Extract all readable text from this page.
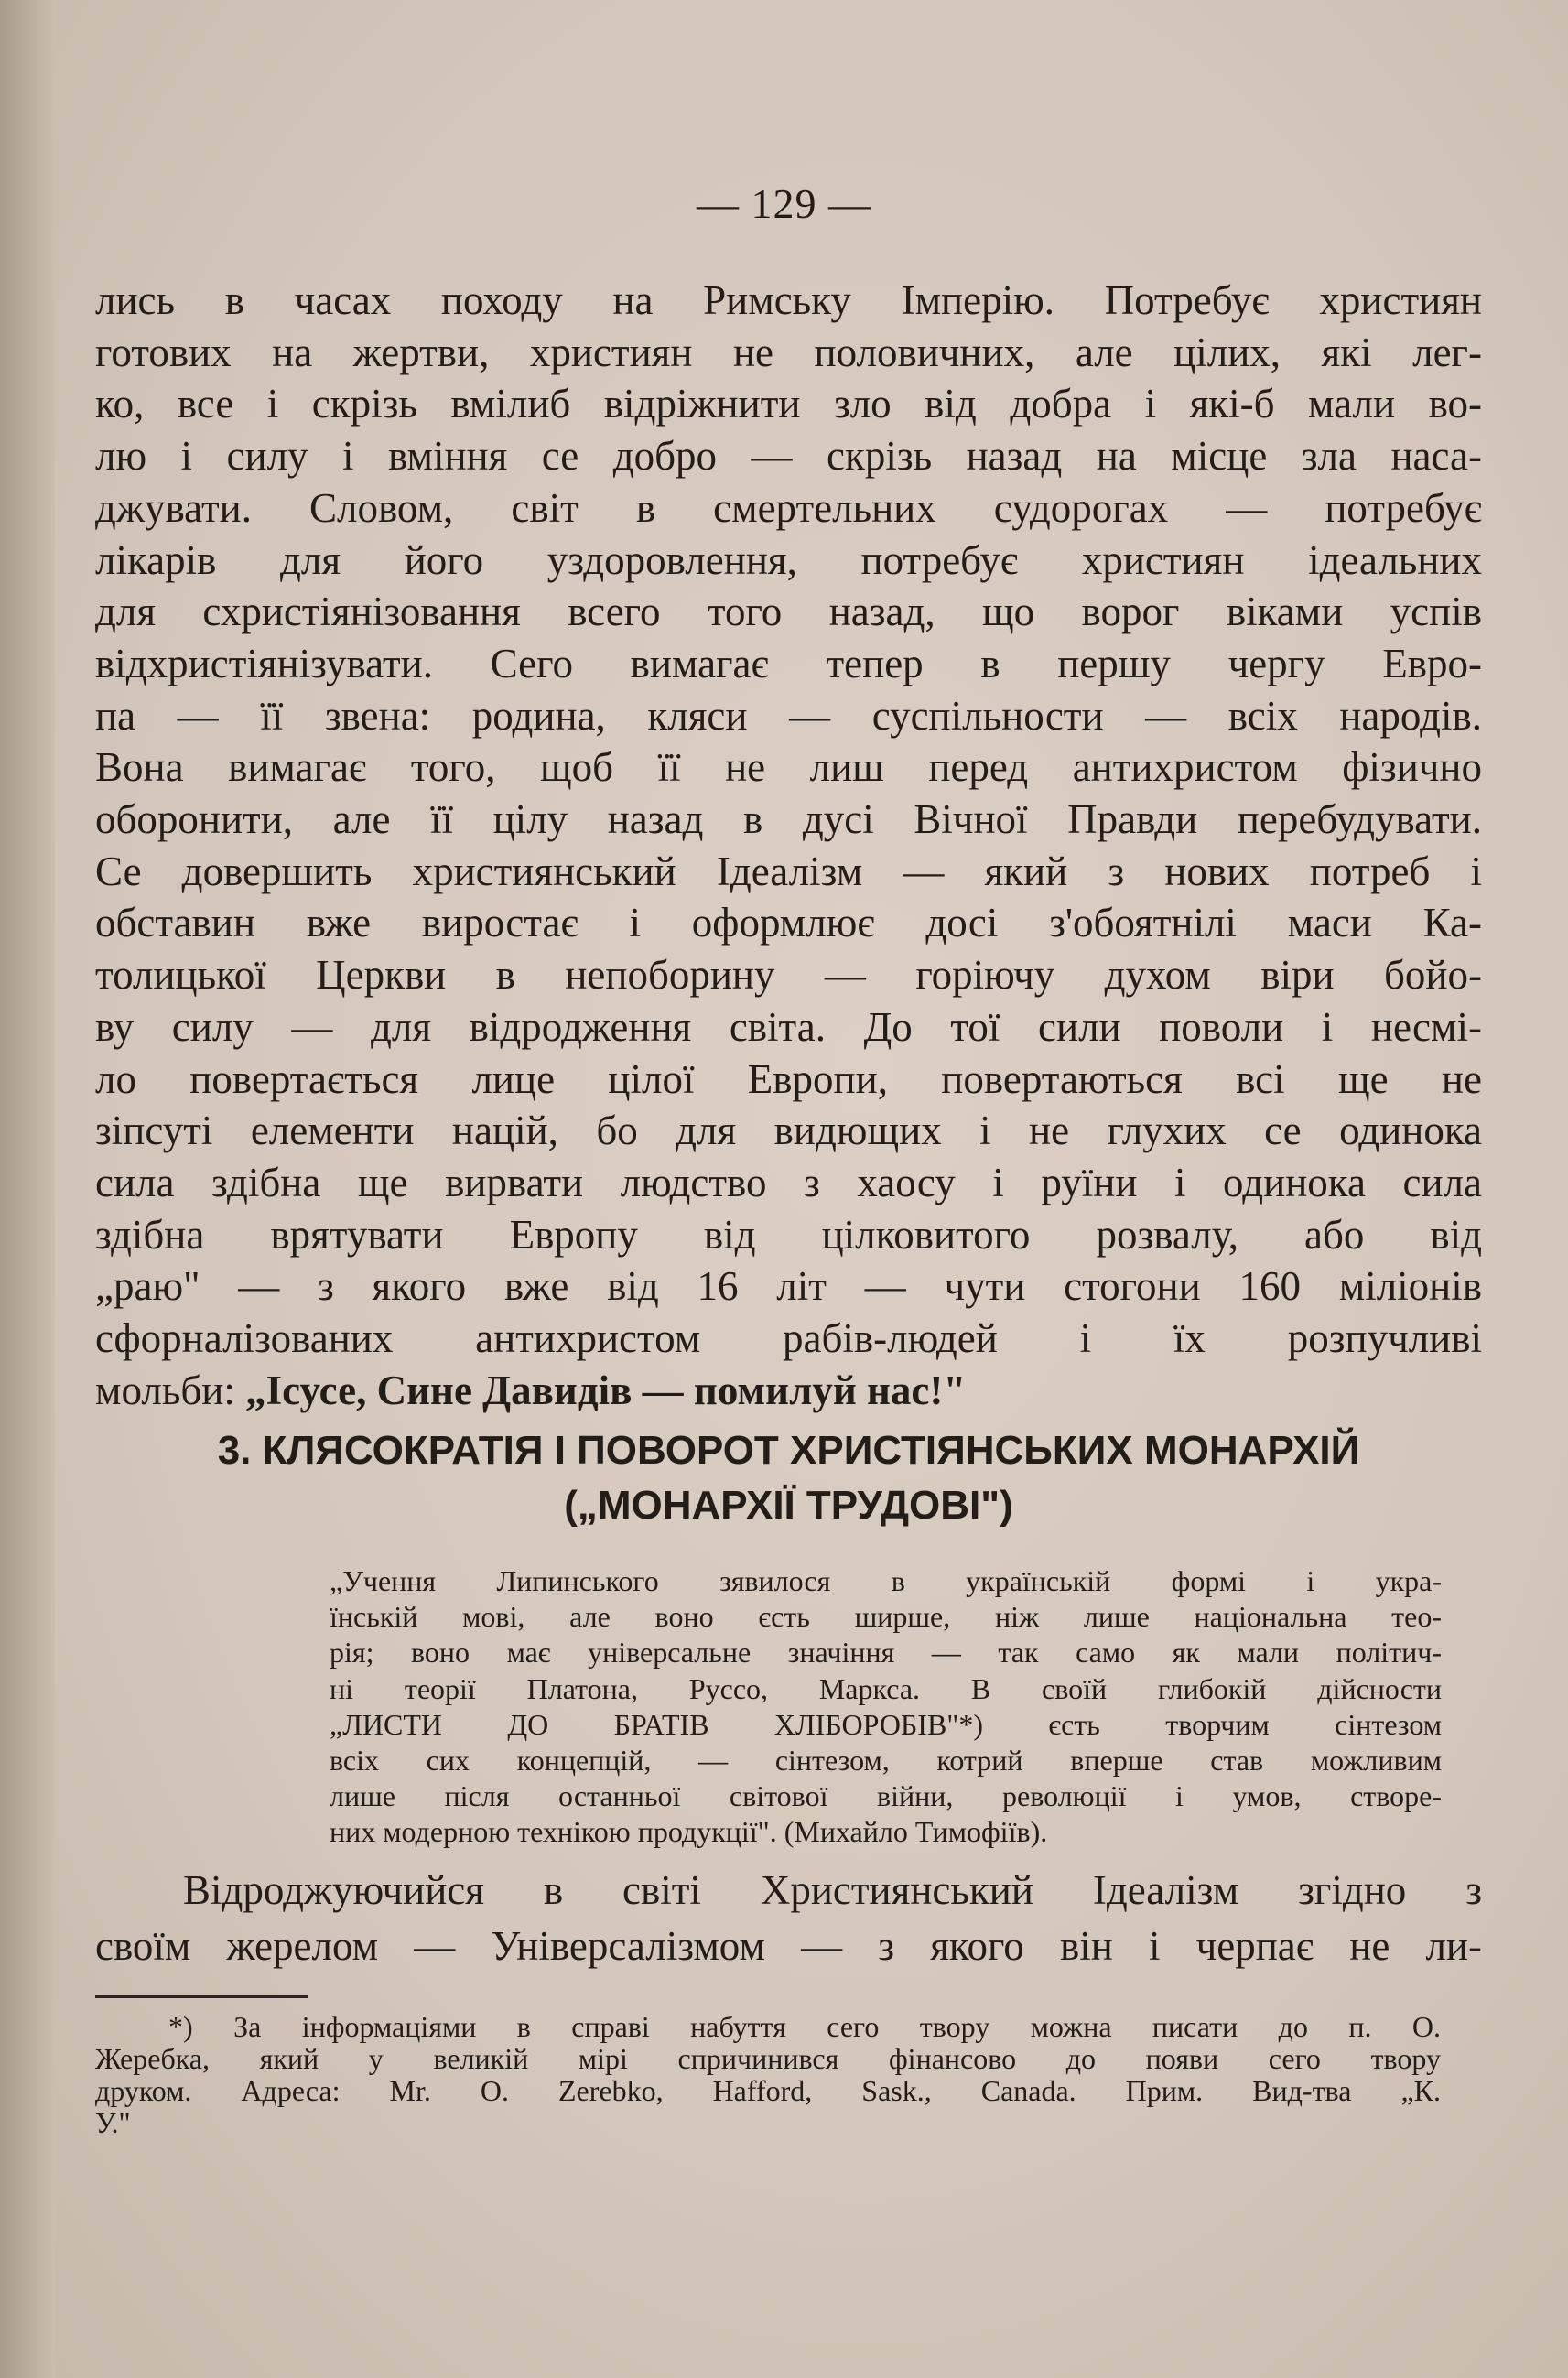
— 129 —
лись в часах походу на Римську Імперію. Потребує християн
готових на жертви, християн не половичних, але цілих, які лег-
ко, все і скрізь вмілиб відріжнити зло від добра і які-б мали во-
лю і силу і вміння се добро — скрізь назад на місце зла наса-
джувати. Словом, світ в смертельних судорогах — потребує
лікарів для його уздоровлення, потребує християн ідеальних
для схристіянізовання всего того назад, що ворог віками успів
відхристіянізувати. Сего вимагає тепер в першу чергу Евро-
па — її звена: родина, кляси — суспільности — всіх народів.
Вона вимагає того, щоб її не лиш перед антихристом фізично
оборонити, але її цілу назад в дусі Вічної Правди перебудувати.
Се довершить християнський Ідеалізм — який з нових потреб і
обставин вже виростає і оформлює досі з'обоятнілі маси Ка-
толицької Церкви в непоборину — горіючу духом віри бойо-
ву силу — для відродження світа. До тої сили поволи і несмі-
ло повертається лице цілої Европи, повертаються всі ще не
зіпсуті елементи націй, бо для видющих і не глухих се одинока
сила здібна ще вирвати людство з хаосу і руїни і одинока сила
здібна врятувати Европу від цілковитого розвалу, або від
„раю" — з якого вже від 16 літ — чути стогони 160 міліонів
сфорналізованих антихристом рабів-людей і їх розпучливі
мольби: „Ісусе, Сине Давидів — помилуй нас!"
3. КЛЯСОКРАТІЯ І ПОВОРОТ ХРИСТІЯНСЬКИХ МОНАРХІЙ
(„МОНАРХІЇ ТРУДОВІ")
„Учення Липинського зявилося в українській формі і укра-
їнській мові, але воно єсть ширше, ніж лише національна тео-
рія; воно має універсальне значіння — так само як мали політич-
ні теорії Платона, Руссо, Маркса. В своїй глибокій дійсности
„ЛИСТИ ДО БРАТІВ ХЛІБОРОБІВ"*) єсть творчим сінтезом
всіх сих концепцій, — сінтезом, котрий вперше став можливим
лише після останньої світової війни, революції і умов, створе-
них модерною технікою продукції". (Михайло Тимофіїв).
Відроджуючийся в світі Християнський Ідеалізм згідно з
своїм жерелом — Універсалізмом — з якого він і черпає не ли-
*) За інформаціями в справі набуття сего твору можна писати до п. О.
Жеребка, який у великій мірі спричинився фінансово до появи сего твору
друком. Адреса: Mr. O. Zerebko, Hafford, Sask., Canada. Прим. Вид-тва „К.
У."
